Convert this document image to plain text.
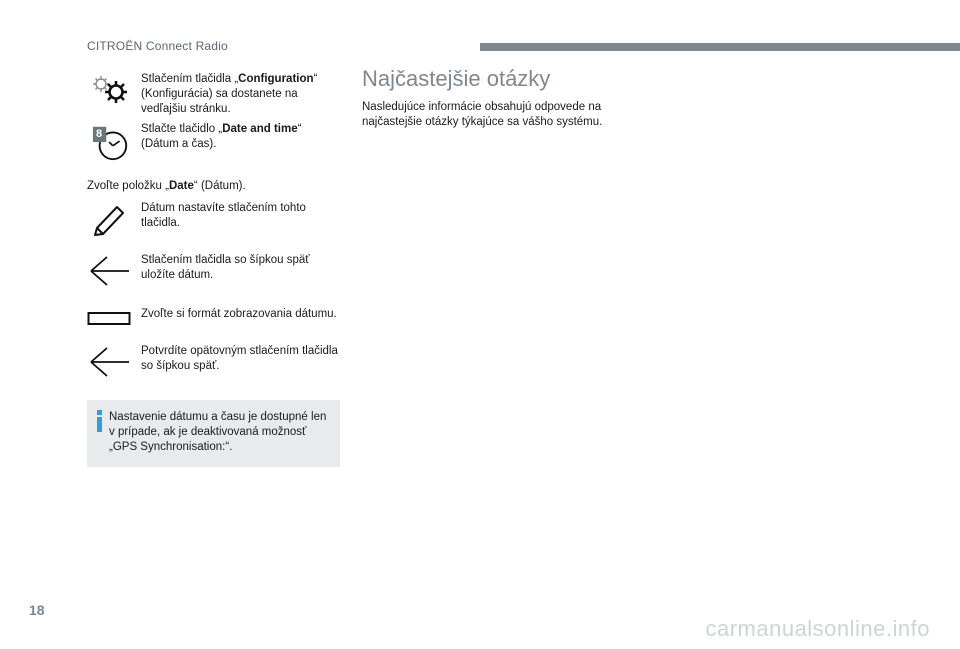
CITROËN Connect Radio
Stlačením tlačidla „Configuration“ (Konfigurácia) sa dostanete na vedľajšiu stránku.
8	Stlačte tlačidlo „Date and time“ (Dátum a čas).
Zvoľte položku „Date“ (Dátum).
Dátum nastavíte stlačením tohto tlačidla.
Stlačením tlačidla so šípkou späť uložíte dátum.
Zvoľte si formát zobrazovania dátumu.
Potvrdíte opätovným stlačením tlačidla so šípkou späť.
Nastavenie dátumu a času je dostupné len v prípade, ak je deaktivovaná možnosť „GPS Synchronisation:“.
Najčastejšie otázky
Nasledujúce informácie obsahujú odpovede na najčastejšie otázky týkajúce sa vášho systému.
18
carmanualsonline.info
